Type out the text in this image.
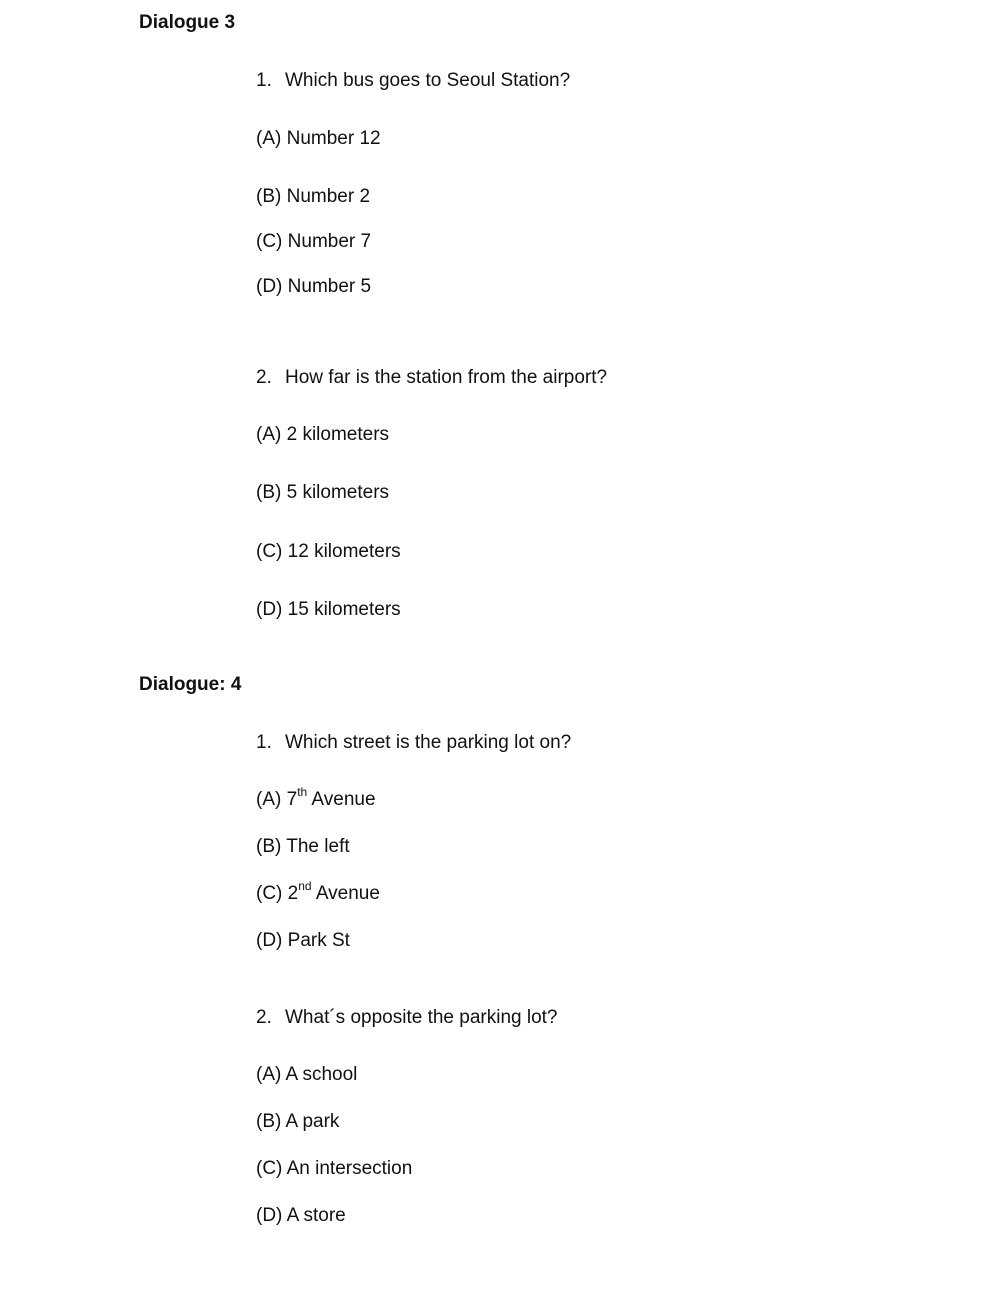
Dialogue 3
1. Which bus goes to Seoul Station?
(A) Number 12
(B) Number 2
(C) Number 7
(D) Number 5
2. How far is the station from the airport?
(A) 2 kilometers
(B) 5 kilometers
(C) 12 kilometers
(D) 15 kilometers
Dialogue: 4
1. Which street is the parking lot on?
(A) 7th Avenue
(B) The left
(C) 2nd Avenue
(D) Park St
2. What´s opposite the parking lot?
(A) A school
(B) A park
(C) An intersection
(D) A store
